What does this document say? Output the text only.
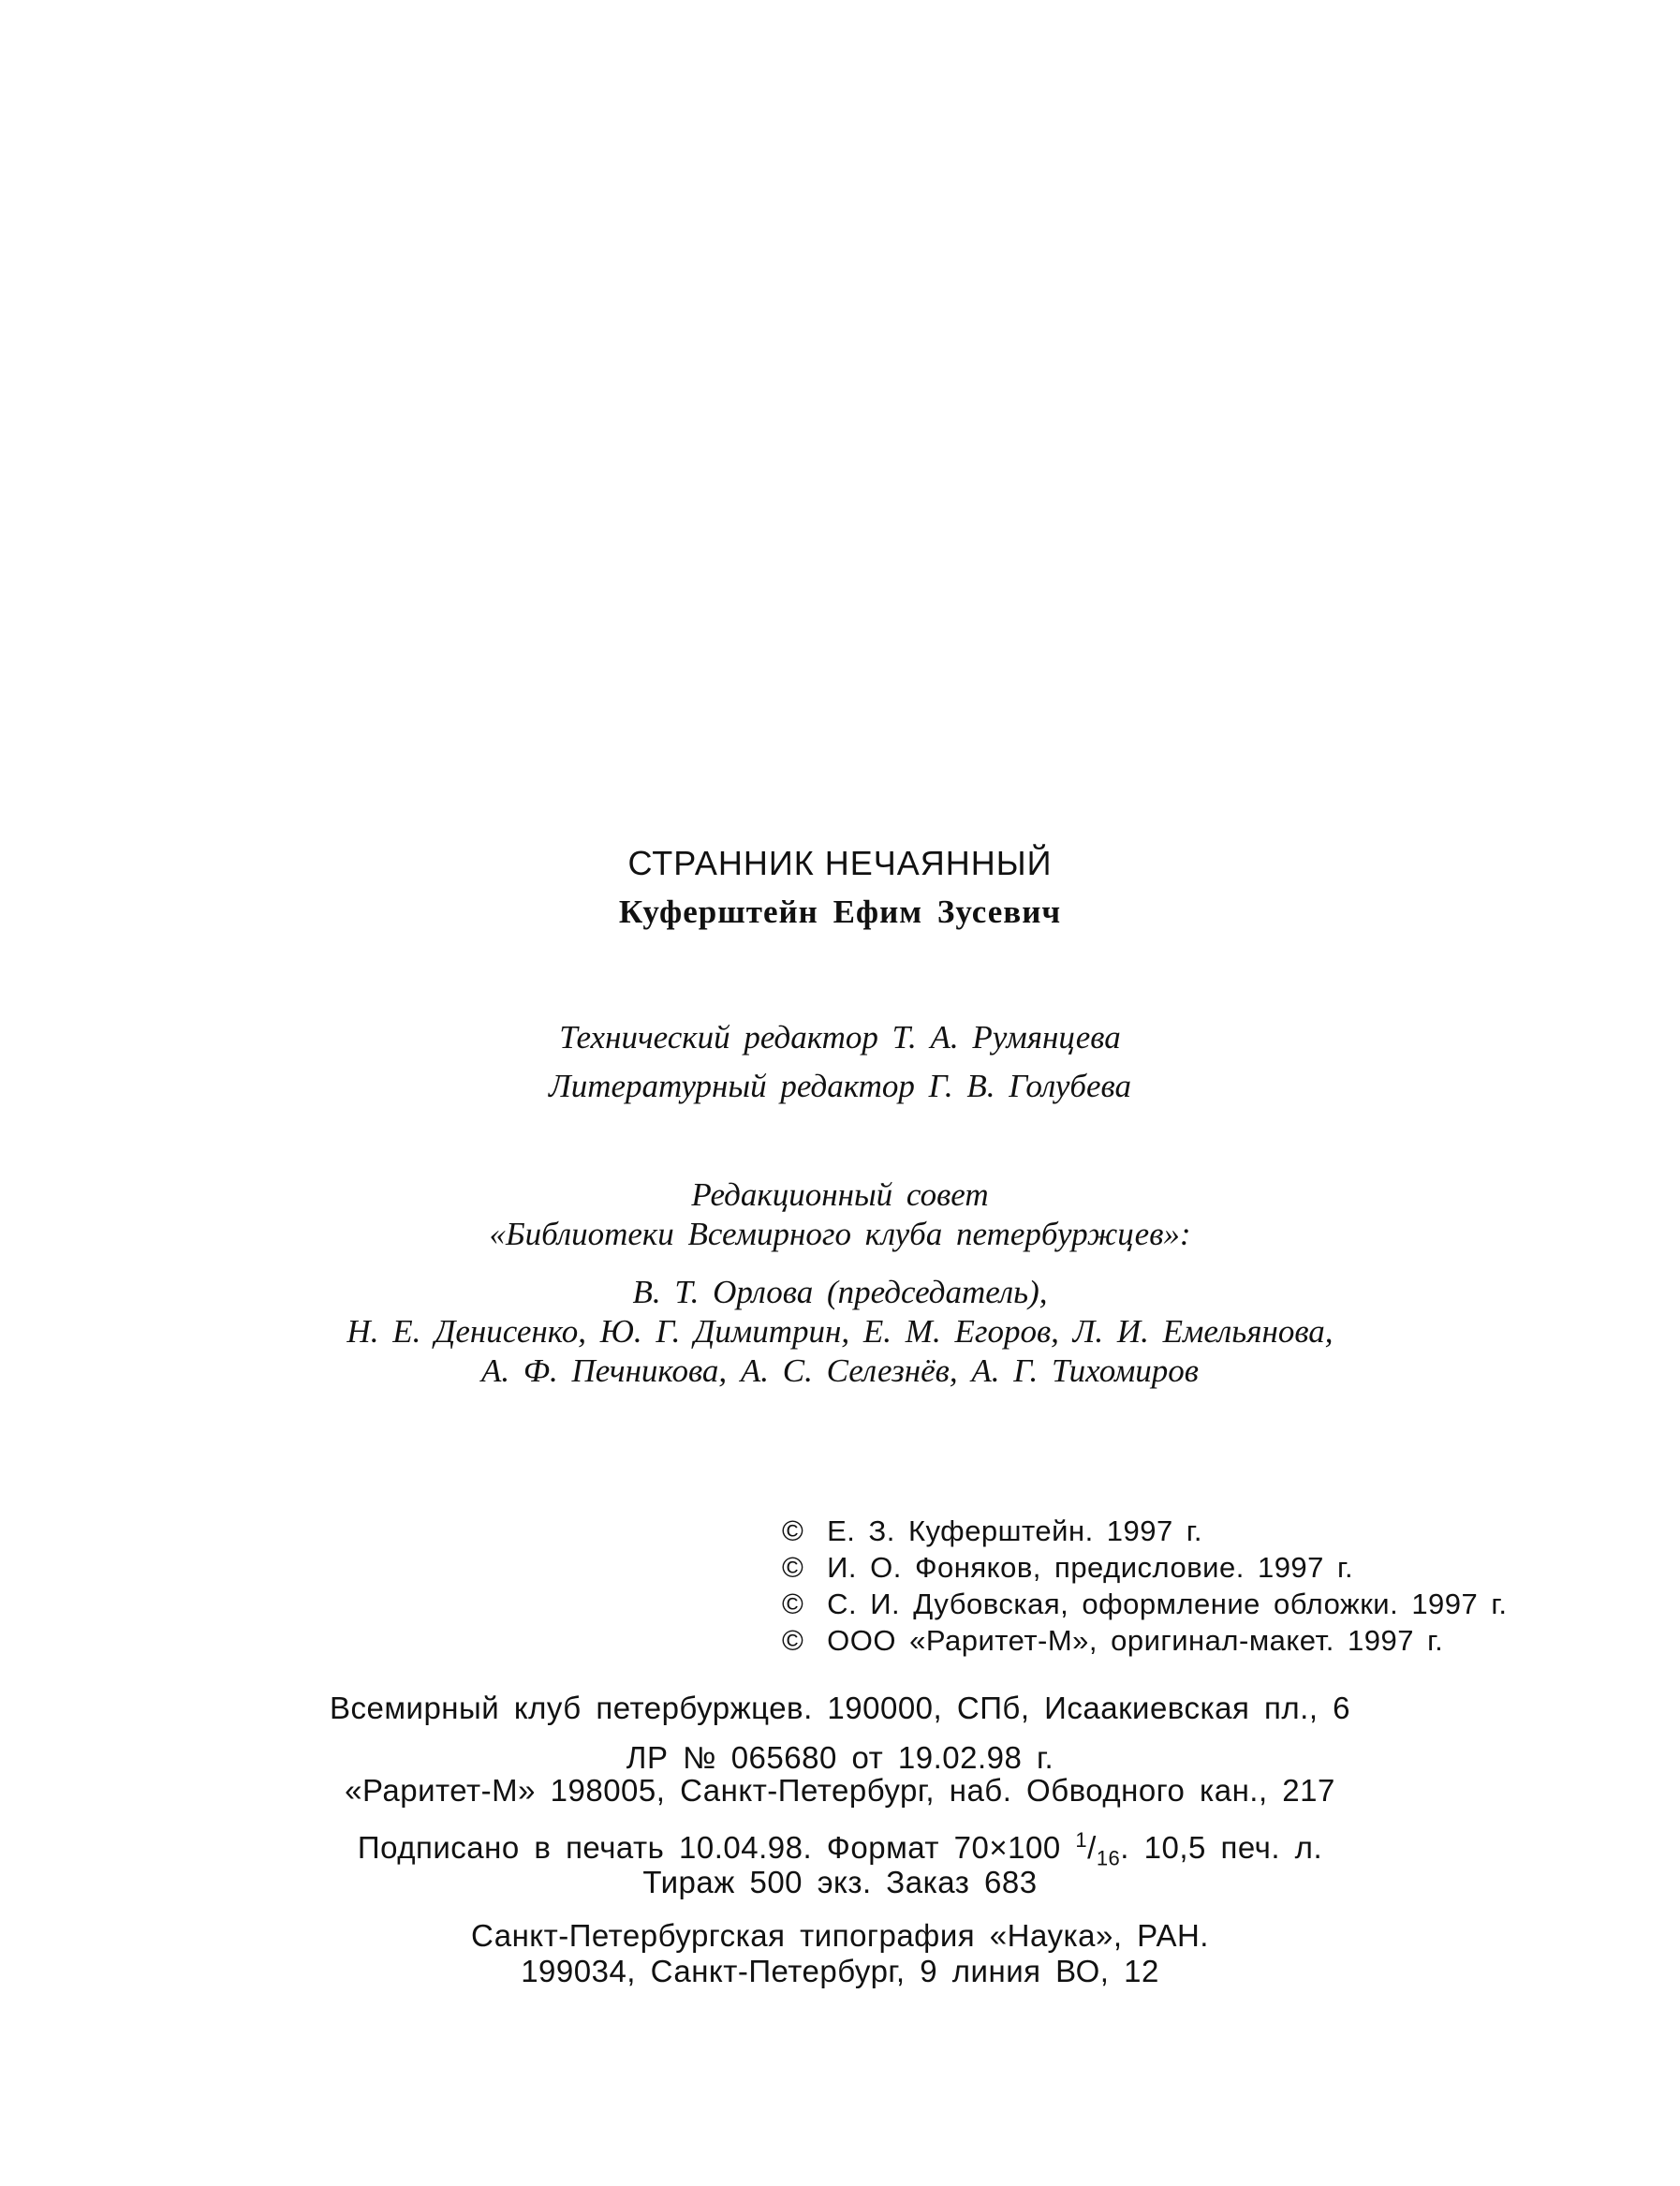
СТРАННИК НЕЧАЯННЫЙ
Куферштейн Ефим Зусевич
Технический редактор Т. А. Румянцева
Литературный редактор Г. В. Голубева
Редакционный совет
«Библиотеки Всемирного клуба петербуржцев»:
В. Т. Орлова (председатель),
Н. Е. Денисенко, Ю. Г. Димитрин, Е. М. Егоров, Л. И. Емельянова,
А. Ф. Печникова, А. С. Селезнёв, А. Г. Тихомиров
© Е. З. Куферштейн. 1997 г.
© И. О. Фоняков, предисловие. 1997 г.
© С. И. Дубовская, оформление обложки. 1997 г.
© ООО «Раритет-М», оригинал-макет. 1997 г.
Всемирный клуб петербуржцев. 190000, СПб, Исаакиевская пл., 6
ЛР № 065680 от 19.02.98 г.
«Раритет-М» 198005, Санкт-Петербург, наб. Обводного кан., 217
Подписано в печать 10.04.98. Формат 70×100 $^1/_{16}$. 10,5 печ. л.
Тираж 500 экз. Заказ 683
Санкт-Петербургская типография «Наука», РАН.
199034, Санкт-Петербург, 9 линия ВО, 12
